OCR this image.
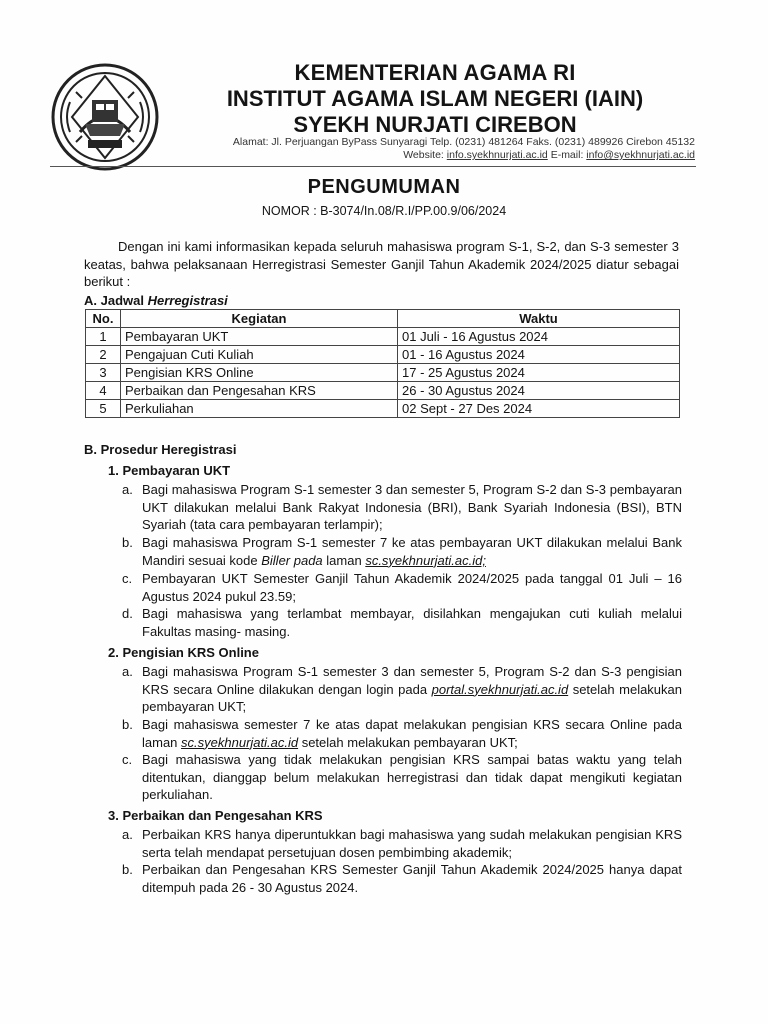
KEMENTERIAN AGAMA RI
INSTITUT AGAMA ISLAM NEGERI (IAIN)
SYEKH NURJATI CIREBON
Alamat: Jl. Perjuangan ByPass Sunyaragi Telp. (0231) 481264 Faks. (0231) 489926 Cirebon 45132
Website: info.syekhnurjati.ac.id E-mail: info@syekhnurjati.ac.id
PENGUMUMAN
NOMOR : B-3074/In.08/R.I/PP.00.9/06/2024
Dengan ini kami informasikan kepada seluruh mahasiswa program S-1, S-2, dan S-3 semester 3 keatas, bahwa pelaksanaan Herregistrasi Semester Ganjil Tahun Akademik 2024/2025 diatur sebagai berikut :
A. Jadwal Herregistrasi
No.	Kegiatan	Waktu
1	Pembayaran UKT	01 Juli - 16 Agustus 2024
2	Pengajuan Cuti Kuliah	01 - 16 Agustus 2024
3	Pengisian KRS Online	17 - 25 Agustus 2024
4	Perbaikan dan Pengesahan KRS	26 - 30 Agustus 2024
5	Perkuliahan	02 Sept - 27 Des 2024
B. Prosedur Heregistrasi
1. Pembayaran UKT
a. Bagi mahasiswa Program S-1 semester 3 dan semester 5, Program S-2 dan S-3 pembayaran UKT dilakukan melalui Bank Rakyat Indonesia (BRI), Bank Syariah Indonesia (BSI), BTN Syariah (tata cara pembayaran terlampir);
b. Bagi mahasiswa Program S-1 semester 7 ke atas pembayaran UKT dilakukan melalui Bank Mandiri sesuai kode Biller pada laman sc.syekhnurjati.ac.id;
c. Pembayaran UKT Semester Ganjil Tahun Akademik 2024/2025 pada tanggal 01 Juli – 16 Agustus 2024 pukul 23.59;
d. Bagi mahasiswa yang terlambat membayar, disilahkan mengajukan cuti kuliah melalui Fakultas masing- masing.
2. Pengisian KRS Online
a. Bagi mahasiswa Program S-1 semester 3 dan semester 5, Program S-2 dan S-3 pengisian KRS secara Online dilakukan dengan login pada portal.syekhnurjati.ac.id setelah melakukan pembayaran UKT;
b. Bagi mahasiswa semester 7 ke atas dapat melakukan pengisian KRS secara Online pada laman sc.syekhnurjati.ac.id setelah melakukan pembayaran UKT;
c. Bagi mahasiswa yang tidak melakukan pengisian KRS sampai batas waktu yang telah ditentukan, dianggap belum melakukan herregistrasi dan tidak dapat mengikuti kegiatan perkuliahan.
3. Perbaikan dan Pengesahan KRS
a. Perbaikan KRS hanya diperuntukkan bagi mahasiswa yang sudah melakukan pengisian KRS serta telah mendapat persetujuan dosen pembimbing akademik;
b. Perbaikan dan Pengesahan KRS Semester Ganjil Tahun Akademik 2024/2025 hanya dapat ditempuh pada 26 - 30 Agustus 2024.
